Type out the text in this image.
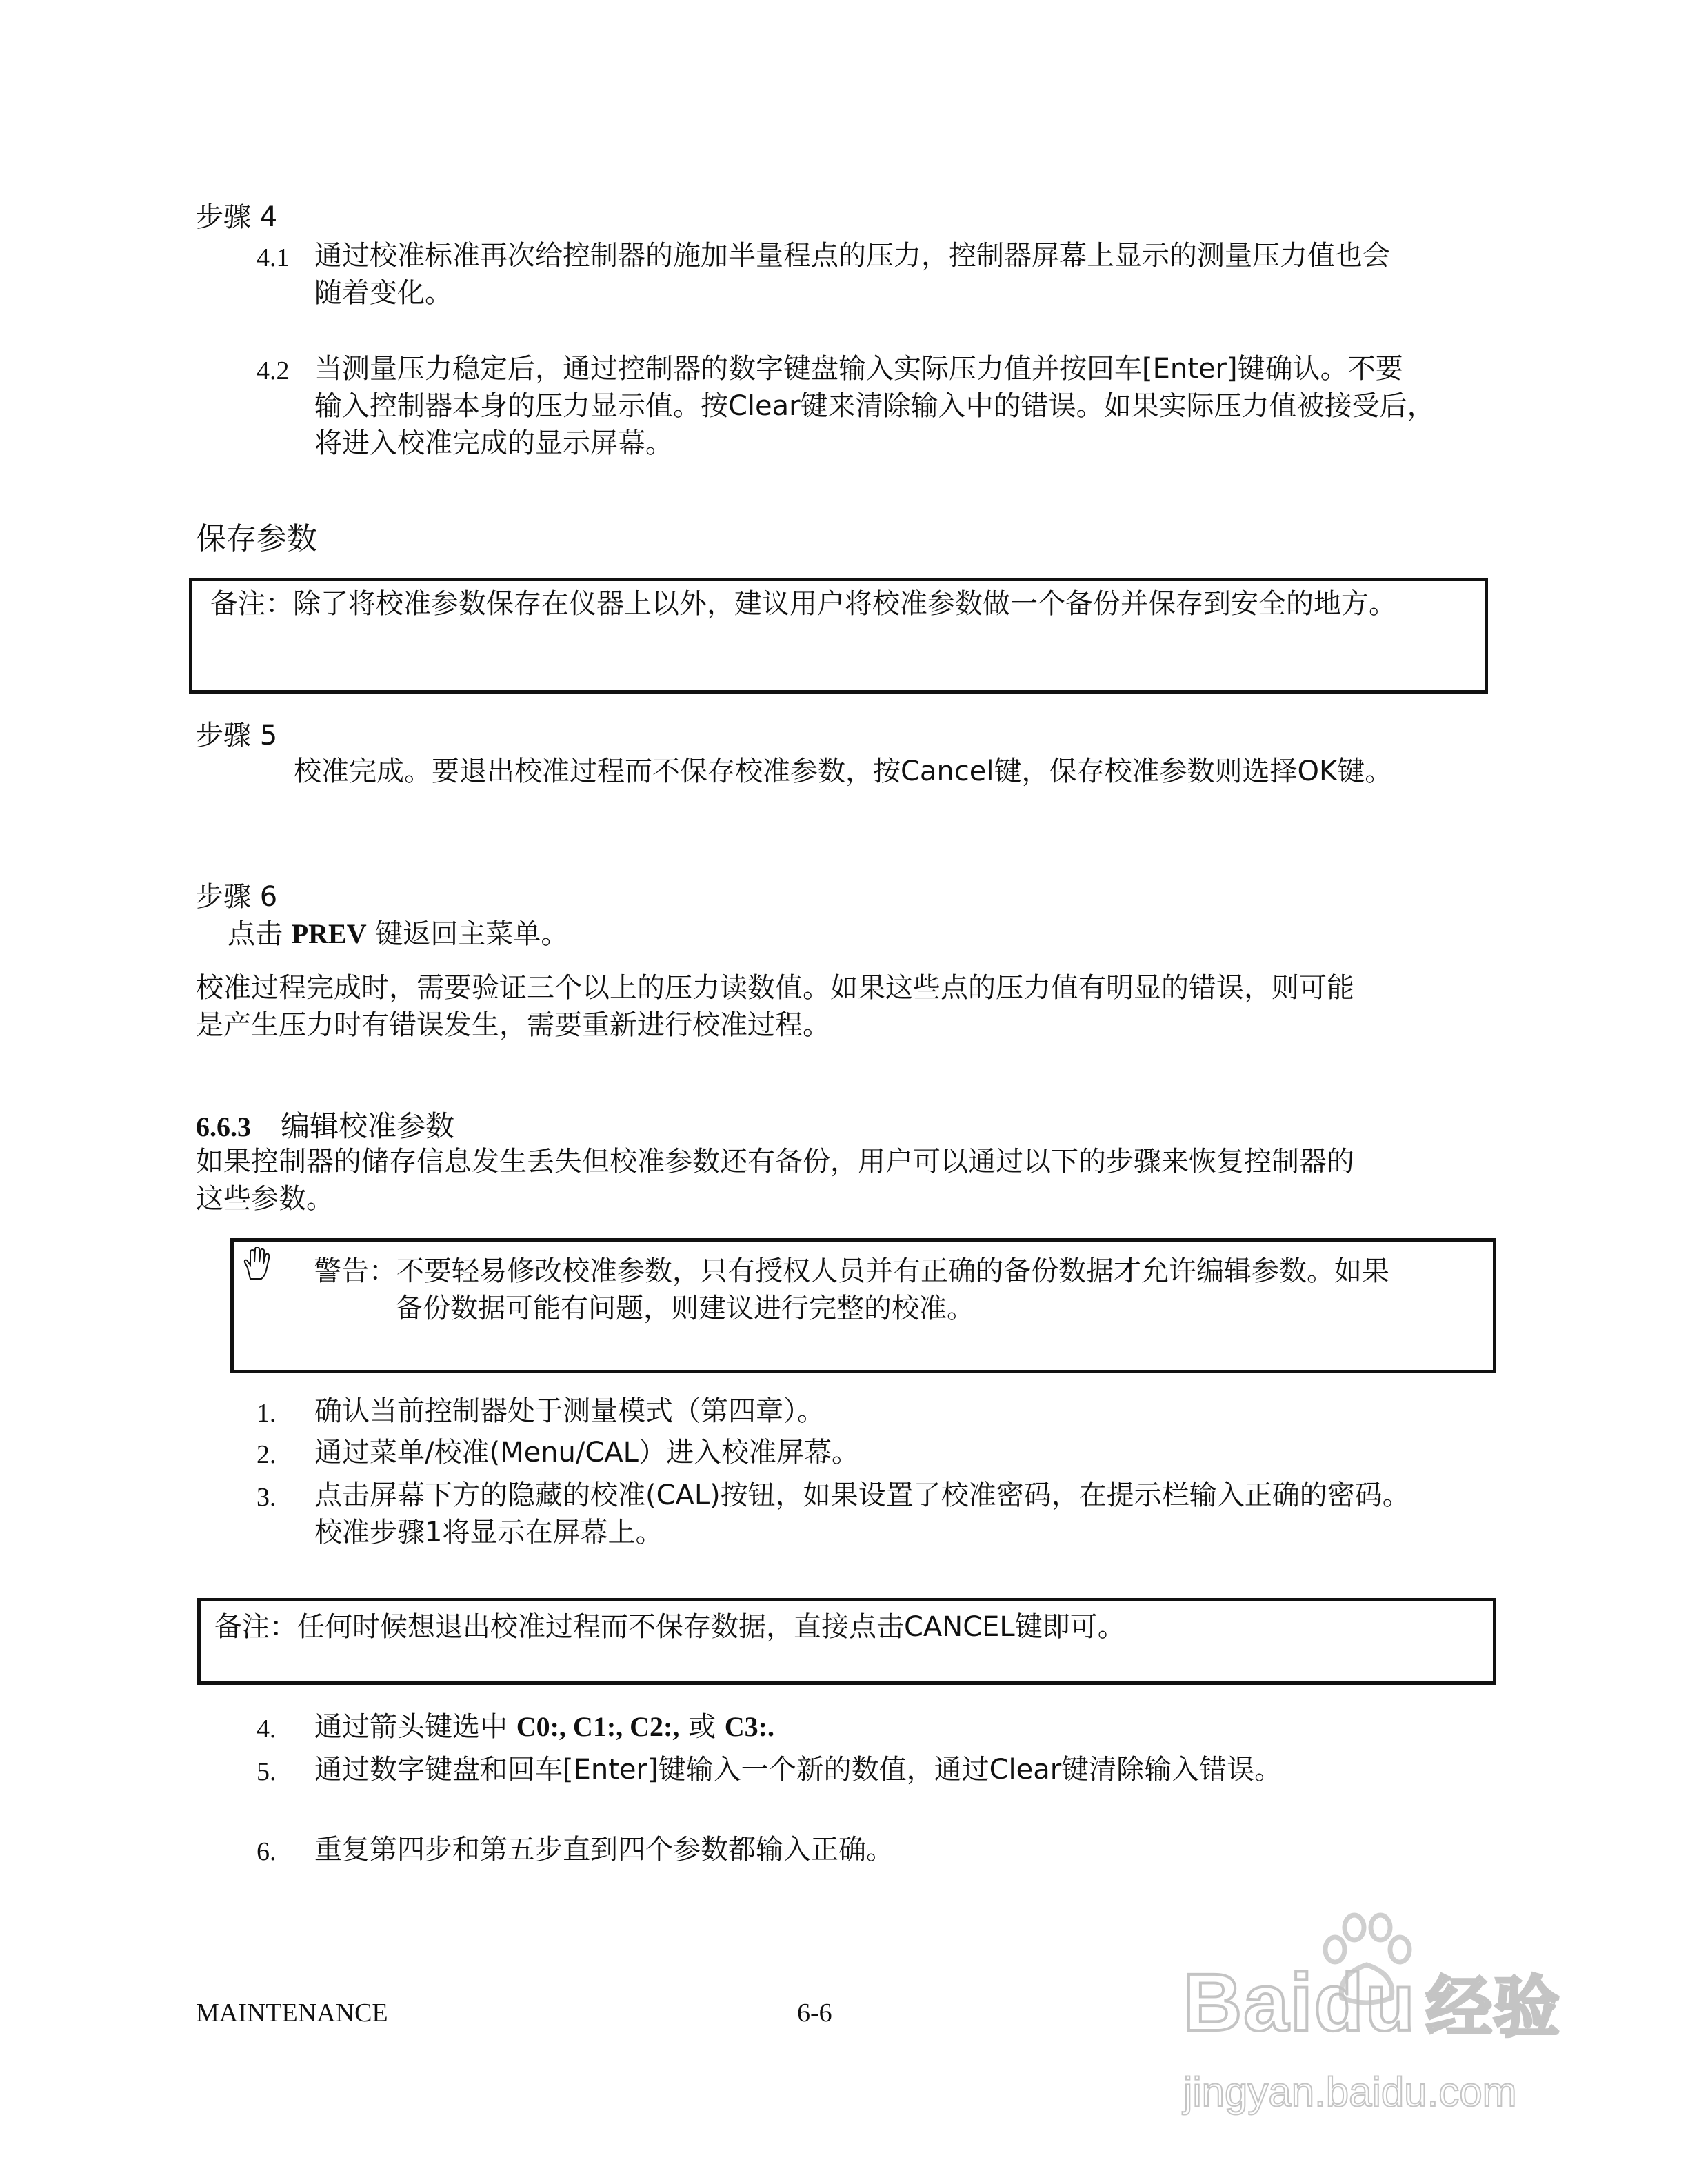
步骤 4
4.1 通过校准标准再次给控制器的施加半量程点的压力，控制器屏幕上显示的测量压力值也会
随着变化。
4.2 当测量压力稳定后，通过控制器的数字键盘输入实际压力值并按回车[Enter]键确认。不要
输入控制器本身的压力显示值。按Clear键来清除输入中的错误。如果实际压力值被接受后，
将进入校准完成的显示屏幕。
保存参数
备注：除了将校准参数保存在仪器上以外，建议用户将校准参数做一个备份并保存到安全的地方。
步骤 5
校准完成。要退出校准过程而不保存校准参数，按Cancel键，保存校准参数则选择OK键。
步骤 6
点击 PREV 键返回主菜单。
校准过程完成时，需要验证三个以上的压力读数值。如果这些点的压力值有明显的错误，则可能
是产生压力时有错误发生，需要重新进行校准过程。
6.6.3 编辑校准参数
如果控制器的储存信息发生丢失但校准参数还有备份，用户可以通过以下的步骤来恢复控制器的
这些参数。
警告：不要轻易修改校准参数，只有授权人员并有正确的备份数据才允许编辑参数。如果
备份数据可能有问题，则建议进行完整的校准。
1. 确认当前控制器处于测量模式（第四章）。
2. 通过菜单/校准(Menu/CAL）进入校准屏幕。
3. 点击屏幕下方的隐藏的校准(CAL)按钮，如果设置了校准密码，在提示栏输入正确的密码。
校准步骤1将显示在屏幕上。
备注：任何时候想退出校准过程而不保存数据，直接点击CANCEL键即可。
4. 通过箭头键选中 C0:, C1:, C2:, 或 C3:.
5. 通过数字键盘和回车[Enter]键输入一个新的数值，通过Clear键清除输入错误。
6. 重复第四步和第五步直到四个参数都输入正确。
Baidu 经验
jingyan.baidu.com
MAINTENANCE	6-6
